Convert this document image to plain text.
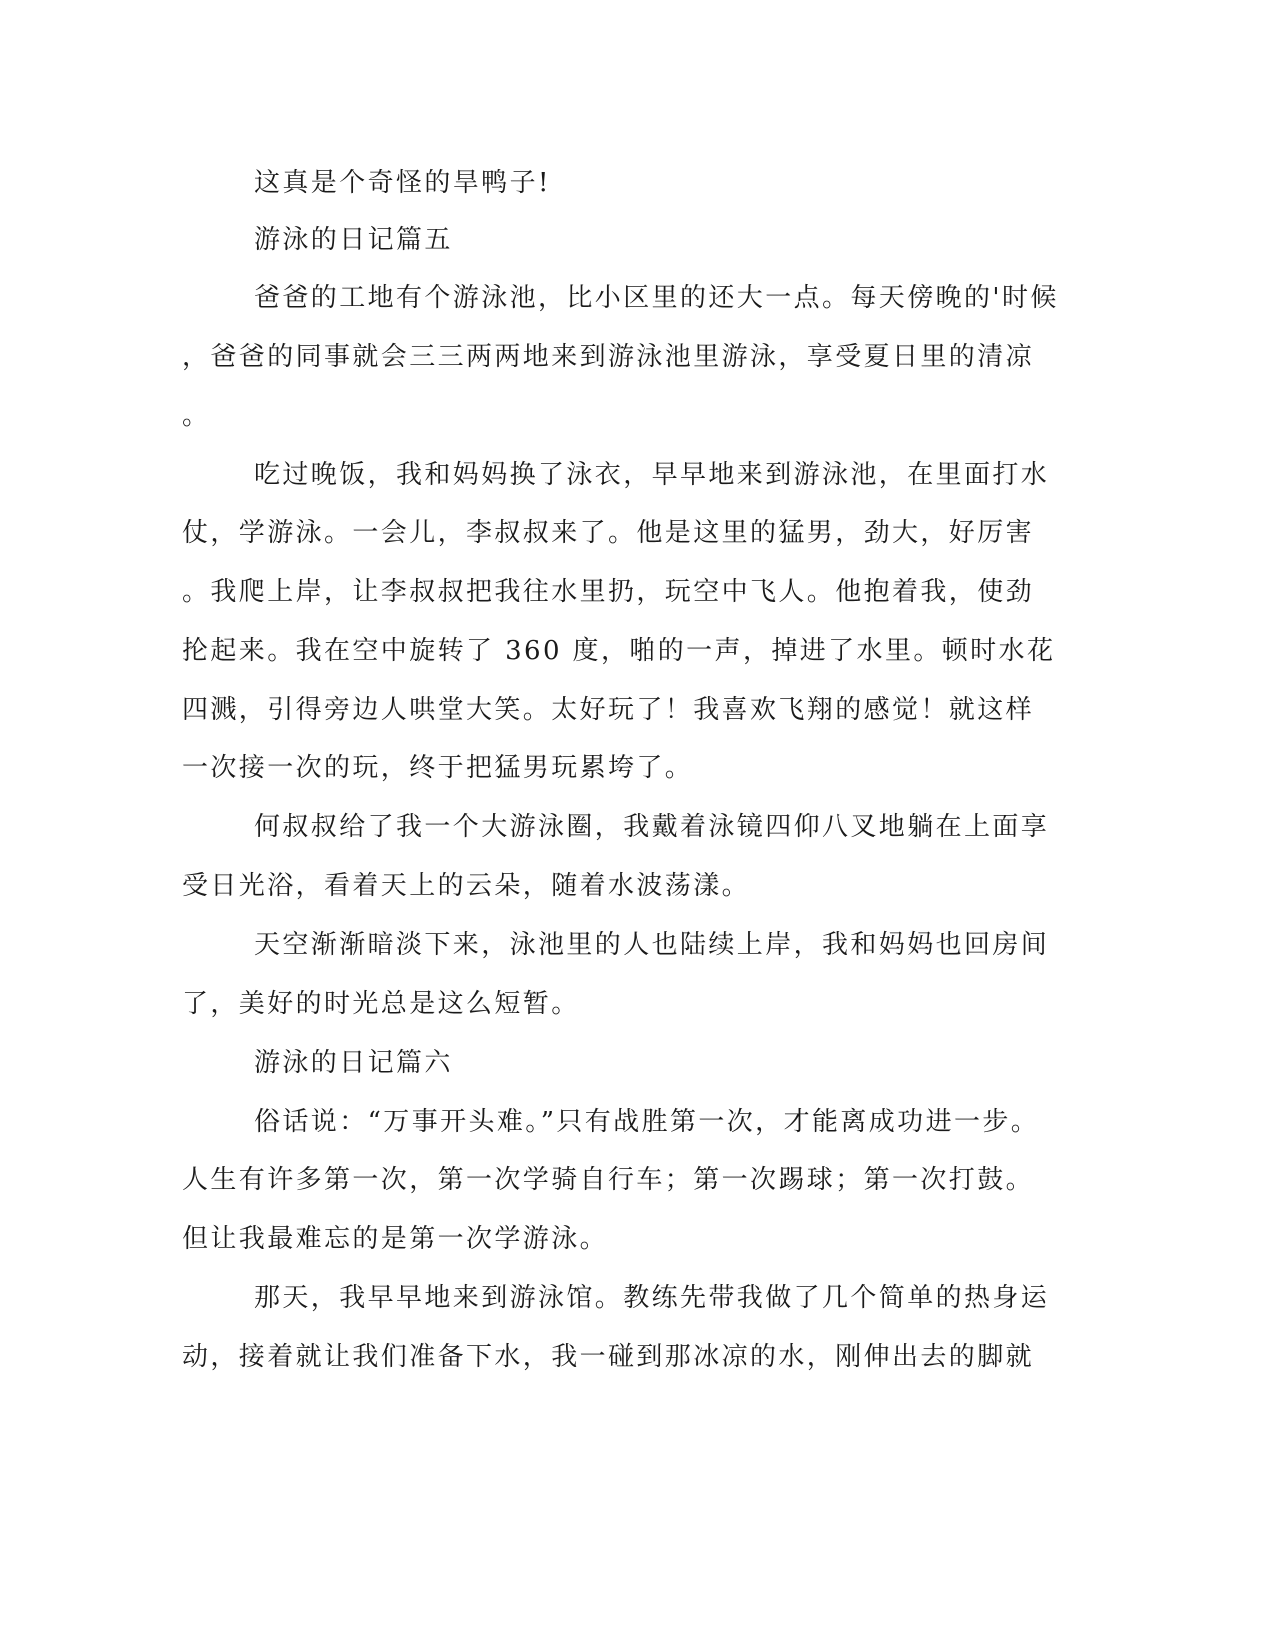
这真是个奇怪的旱鸭子!
游泳的日记篇五
爸爸的工地有个游泳池，比小区里的还大一点。每天傍晚的'时候
，爸爸的同事就会三三两两地来到游泳池里游泳，享受夏日里的清凉
。
吃过晚饭，我和妈妈换了泳衣，早早地来到游泳池，在里面打水
仗，学游泳。一会儿，李叔叔来了。他是这里的猛男，劲大，好厉害
。我爬上岸，让李叔叔把我往水里扔，玩空中飞人。他抱着我，使劲
抡起来。我在空中旋转了 360 度，啪的一声，掉进了水里。顿时水花
四溅，引得旁边人哄堂大笑。太好玩了！我喜欢飞翔的感觉！就这样
一次接一次的玩，终于把猛男玩累垮了。
何叔叔给了我一个大游泳圈，我戴着泳镜四仰八叉地躺在上面享
受日光浴，看着天上的云朵，随着水波荡漾。
天空渐渐暗淡下来，泳池里的人也陆续上岸，我和妈妈也回房间
了，美好的时光总是这么短暂。
游泳的日记篇六
俗话说：“万事开头难。”只有战胜第一次，才能离成功进一步。
人生有许多第一次，第一次学骑自行车；第一次踢球；第一次打鼓。
但让我最难忘的是第一次学游泳。
那天，我早早地来到游泳馆。教练先带我做了几个简单的热身运
动，接着就让我们准备下水，我一碰到那冰凉的水，刚伸出去的脚就
